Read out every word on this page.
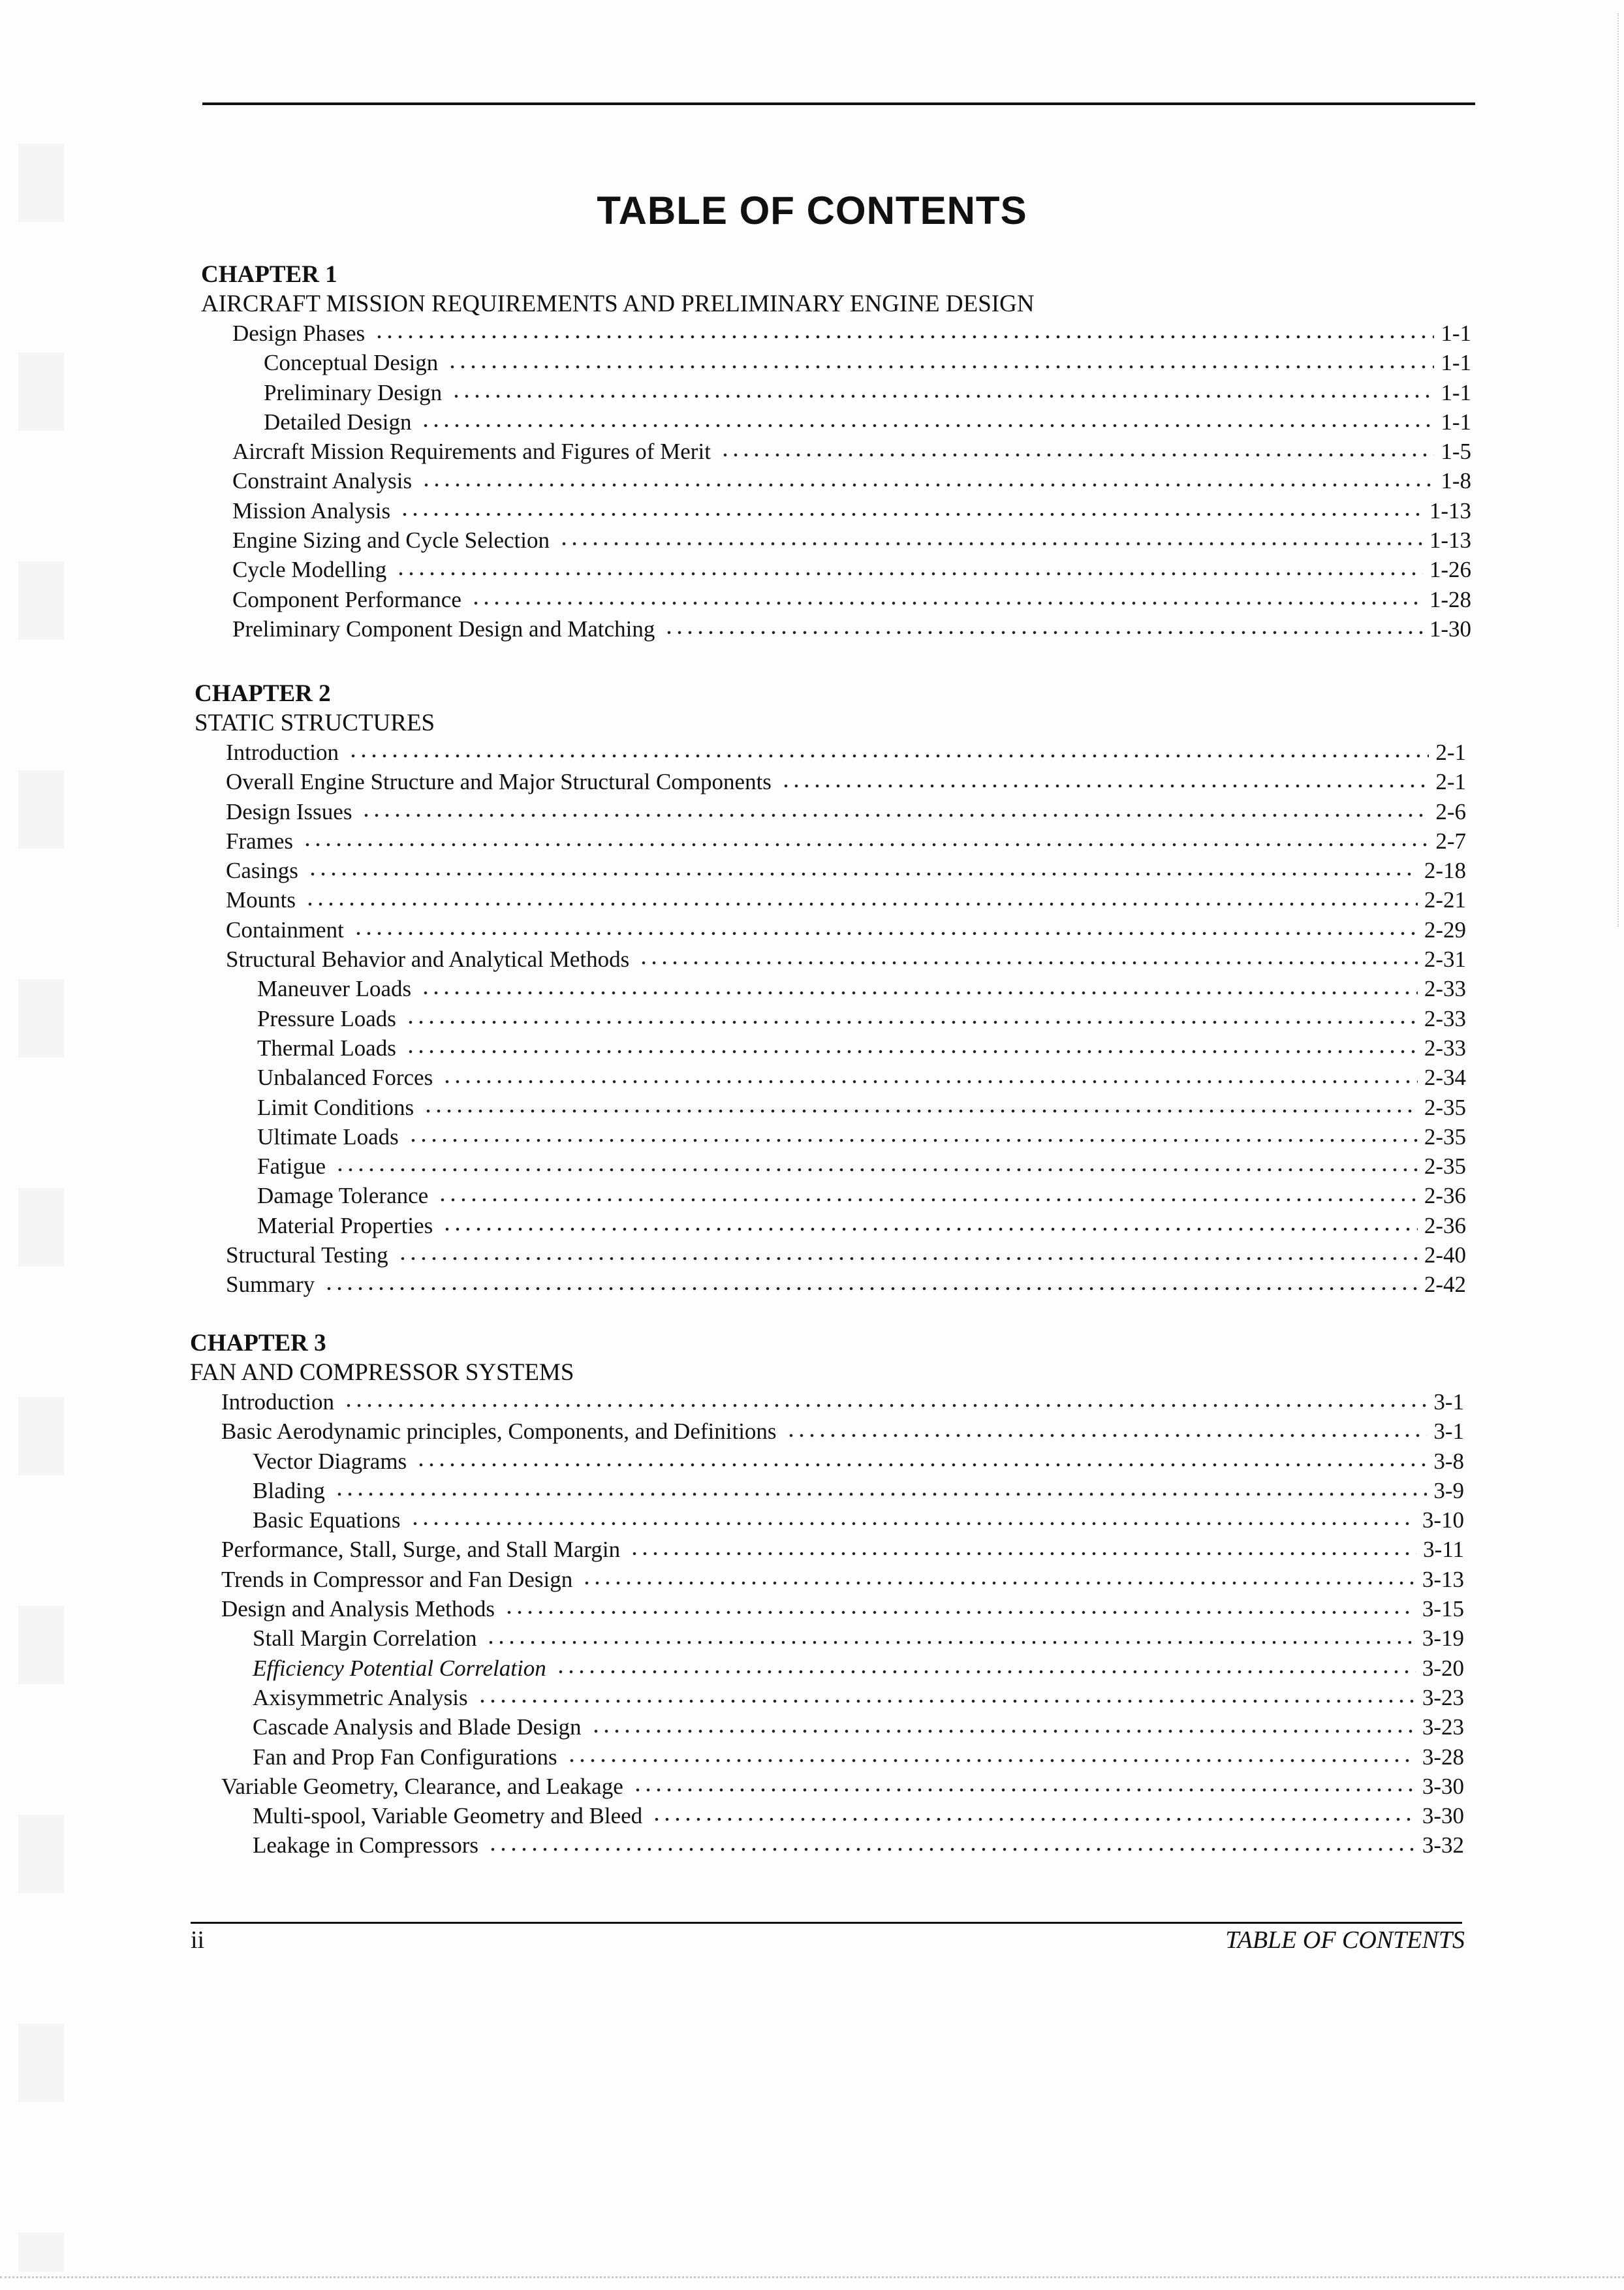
TABLE OF CONTENTS
CHAPTER 1
AIRCRAFT MISSION REQUIREMENTS AND PRELIMINARY ENGINE DESIGN
Design Phases	1-1
Conceptual Design	1-1
Preliminary Design	1-1
Detailed Design	1-1
Aircraft Mission Requirements and Figures of Merit	1-5
Constraint Analysis	1-8
Mission Analysis	1-13
Engine Sizing and Cycle Selection	1-13
Cycle Modelling	1-26
Component Performance	1-28
Preliminary Component Design and Matching	1-30
CHAPTER 2
STATIC STRUCTURES
Introduction	2-1
Overall Engine Structure and Major Structural Components	2-1
Design Issues	2-6
Frames	2-7
Casings	2-18
Mounts	2-21
Containment	2-29
Structural Behavior and Analytical Methods	2-31
Maneuver Loads	2-33
Pressure Loads	2-33
Thermal Loads	2-33
Unbalanced Forces	2-34
Limit Conditions	2-35
Ultimate Loads	2-35
Fatigue	2-35
Damage Tolerance	2-36
Material Properties	2-36
Structural Testing	2-40
Summary	2-42
CHAPTER 3
FAN AND COMPRESSOR SYSTEMS
Introduction	3-1
Basic Aerodynamic principles, Components, and Definitions	3-1
Vector Diagrams	3-8
Blading	3-9
Basic Equations	3-10
Performance, Stall, Surge, and Stall Margin	3-11
Trends in Compressor and Fan Design	3-13
Design and Analysis Methods	3-15
Stall Margin Correlation	3-19
Efficiency Potential Correlation	3-20
Axisymmetric Analysis	3-23
Cascade Analysis and Blade Design	3-23
Fan and Prop Fan Configurations	3-28
Variable Geometry, Clearance, and Leakage	3-30
Multi-spool, Variable Geometry and Bleed	3-30
Leakage in Compressors	3-32
ii	TABLE OF CONTENTS
